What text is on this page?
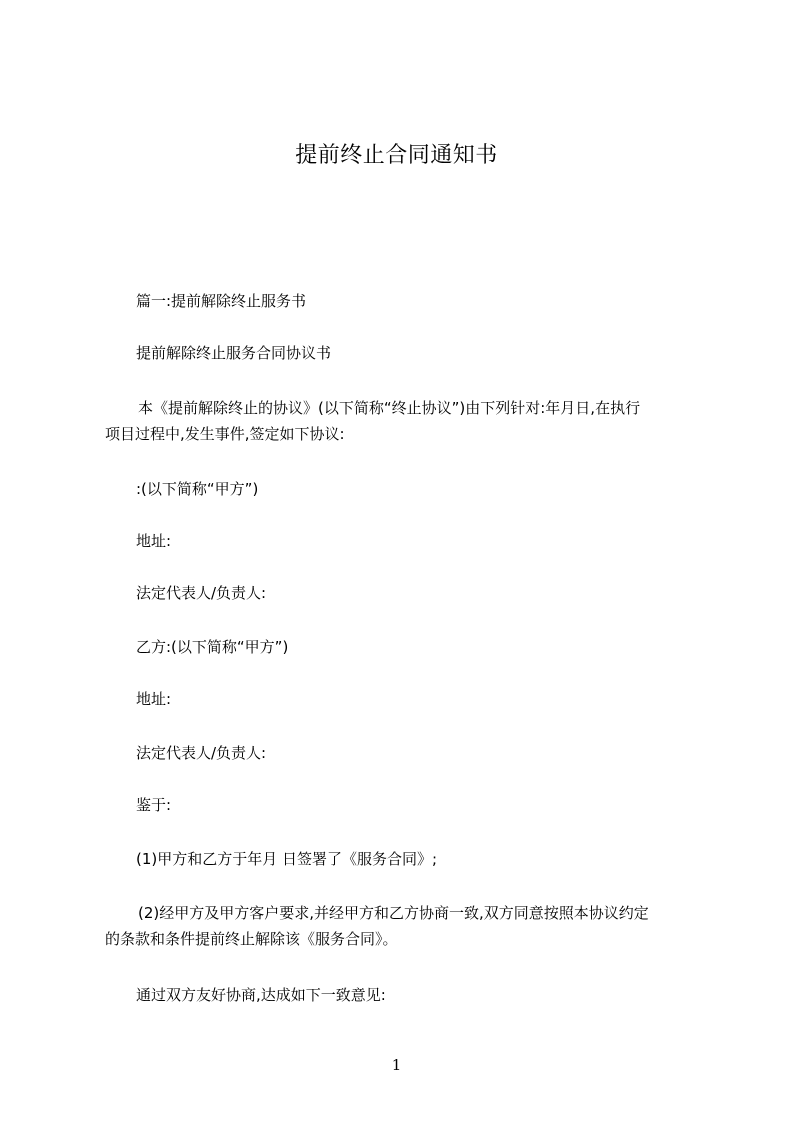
提前终止合同通知书
篇一:提前解除终止服务书
提前解除终止服务合同协议书
本《提前解除终止的协议》(以下简称“终止协议”)由下列针对:年月日,在执行
项目过程中,发生事件,签定如下协议:
:(以下简称“甲方”)
地址:
法定代表人/负责人:
乙方:(以下简称“甲方”)
地址:
法定代表人/负责人:
鉴于:
(1)甲方和乙方于年月 日签署了《服务合同》;
(2)经甲方及甲方客户要求,并经甲方和乙方协商一致,双方同意按照本协议约定
的条款和条件提前终止解除该《服务合同》。
通过双方友好协商,达成如下一致意见:
1
